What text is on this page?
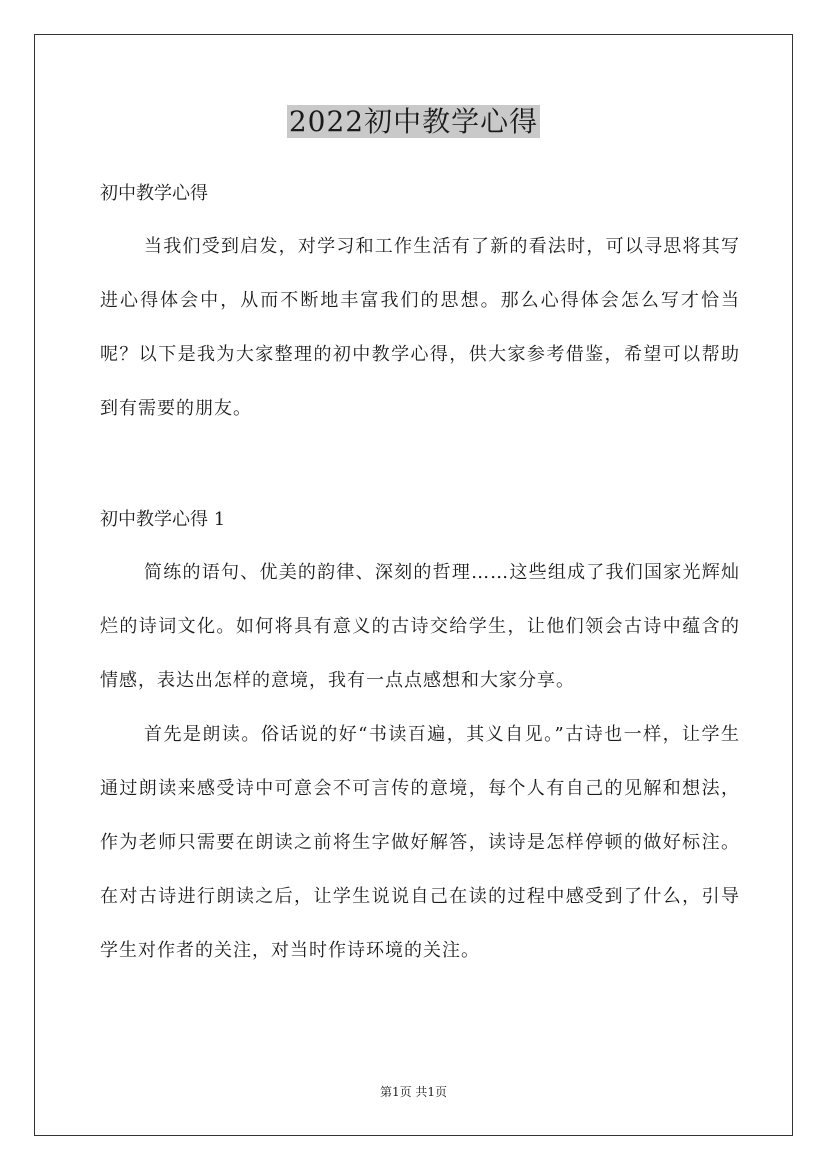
2022初中教学心得
初中教学心得
当我们受到启发，对学习和工作生活有了新的看法时，可以寻思将其写进心得体会中，从而不断地丰富我们的思想。那么心得体会怎么写才恰当呢？以下是我为大家整理的初中教学心得，供大家参考借鉴，希望可以帮助到有需要的朋友。
初中教学心得 1
简练的语句、优美的韵律、深刻的哲理……这些组成了我们国家光辉灿烂的诗词文化。如何将具有意义的古诗交给学生，让他们领会古诗中蕴含的情感，表达出怎样的意境，我有一点点感想和大家分享。
首先是朗读。俗话说的好“书读百遍，其义自见。”古诗也一样，让学生通过朗读来感受诗中可意会不可言传的意境，每个人有自己的见解和想法，作为老师只需要在朗读之前将生字做好解答，读诗是怎样停顿的做好标注。在对古诗进行朗读之后，让学生说说自己在读的过程中感受到了什么，引导学生对作者的关注，对当时作诗环境的关注。
第1页 共1页
